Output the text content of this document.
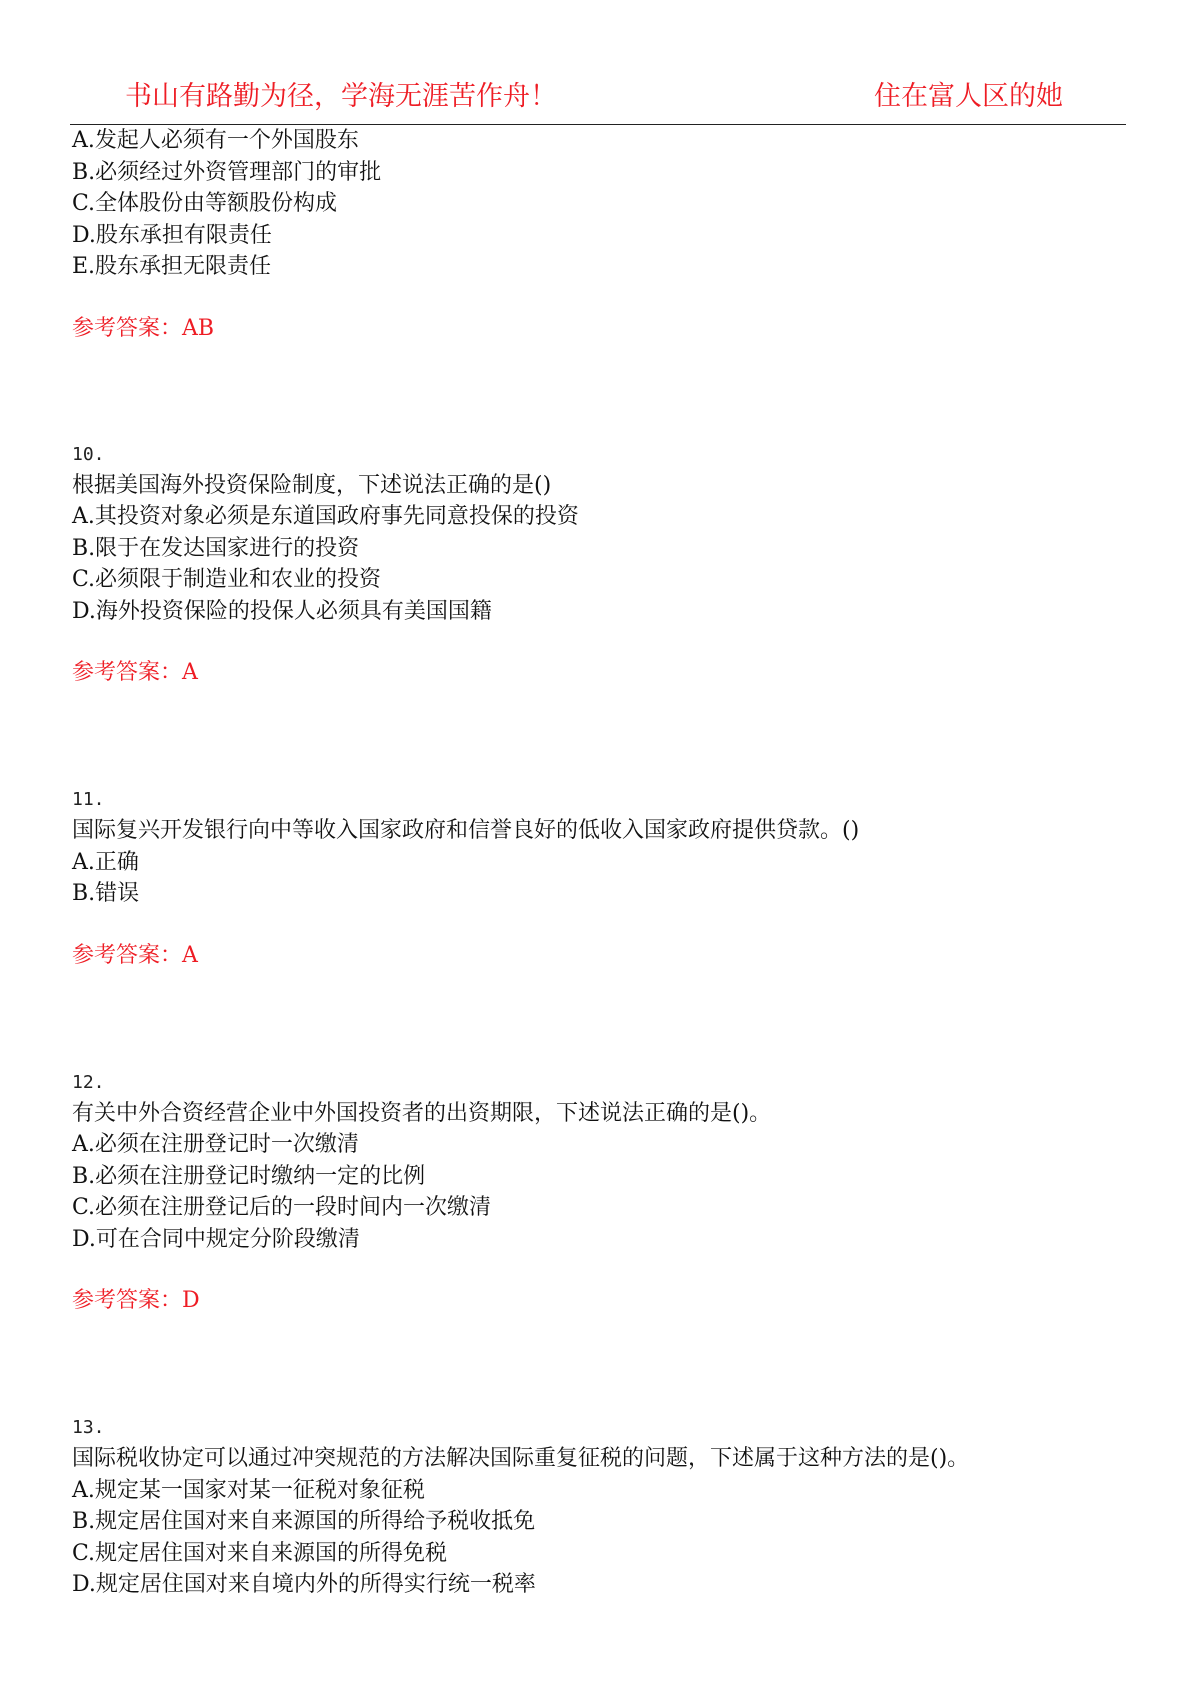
书山有路勤为径，学海无涯苦作舟！	住在富人区的她
A.发起人必须有一个外国股东
B.必须经过外资管理部门的审批
C.全体股份由等额股份构成
D.股东承担有限责任
E.股东承担无限责任
参考答案：AB
10.
根据美国海外投资保险制度，下述说法正确的是()
A.其投资对象必须是东道国政府事先同意投保的投资
B.限于在发达国家进行的投资
C.必须限于制造业和农业的投资
D.海外投资保险的投保人必须具有美国国籍
参考答案：A
11.
国际复兴开发银行向中等收入国家政府和信誉良好的低收入国家政府提供贷款。()
A.正确
B.错误
参考答案：A
12.
有关中外合资经营企业中外国投资者的出资期限，下述说法正确的是()。
A.必须在注册登记时一次缴清
B.必须在注册登记时缴纳一定的比例
C.必须在注册登记后的一段时间内一次缴清
D.可在合同中规定分阶段缴清
参考答案：D
13.
国际税收协定可以通过冲突规范的方法解决国际重复征税的问题，下述属于这种方法的是()。
A.规定某一国家对某一征税对象征税
B.规定居住国对来自来源国的所得给予税收抵免
C.规定居住国对来自来源国的所得免税
D.规定居住国对来自境内外的所得实行统一税率
